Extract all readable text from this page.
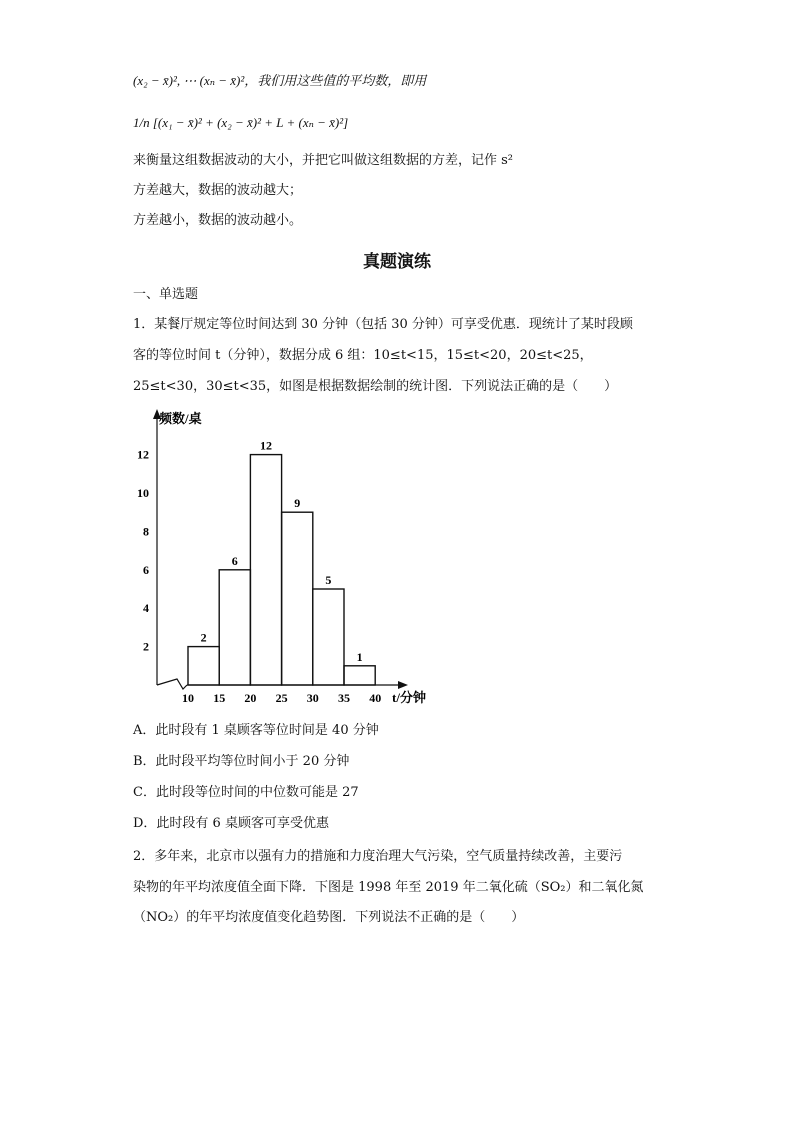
(x₂ − x̄)², ⋯ (xₙ − x̄)²，我们用这些值的平均数，即用
1/n [(x₁ − x̄)² + (x₂ − x̄)² + L + (xₙ − x̄)²]
来衡量这组数据波动的大小，并把它叫做这组数据的方差，记作 s²
方差越大，数据的波动越大；
方差越小，数据的波动越小。
真题演练
一、单选题
1．某餐厅规定等位时间达到 30 分钟（包括 30 分钟）可享受优惠．现统计了某时段顾
客的等位时间 t（分钟），数据分成 6 组：10≤t<15，15≤t<20，20≤t<25，
25≤t<30，30≤t<35，如图是根据数据绘制的统计图．下列说法正确的是（　　）
频数/桌
t/分钟
2
4
6
8
10
12
10 15 20 25 30 35 40
2
6
12
9
5
1
A．此时段有 1 桌顾客等位时间是 40 分钟
B．此时段平均等位时间小于 20 分钟
C．此时段等位时间的中位数可能是 27
D．此时段有 6 桌顾客可享受优惠
2．多年来，北京市以强有力的措施和力度治理大气污染，空气质量持续改善，主要污
染物的年平均浓度值全面下降．下图是 1998 年至 2019 年二氧化硫（SO₂）和二氧化氮
（NO₂）的年平均浓度值变化趋势图．下列说法不正确的是（　　）
